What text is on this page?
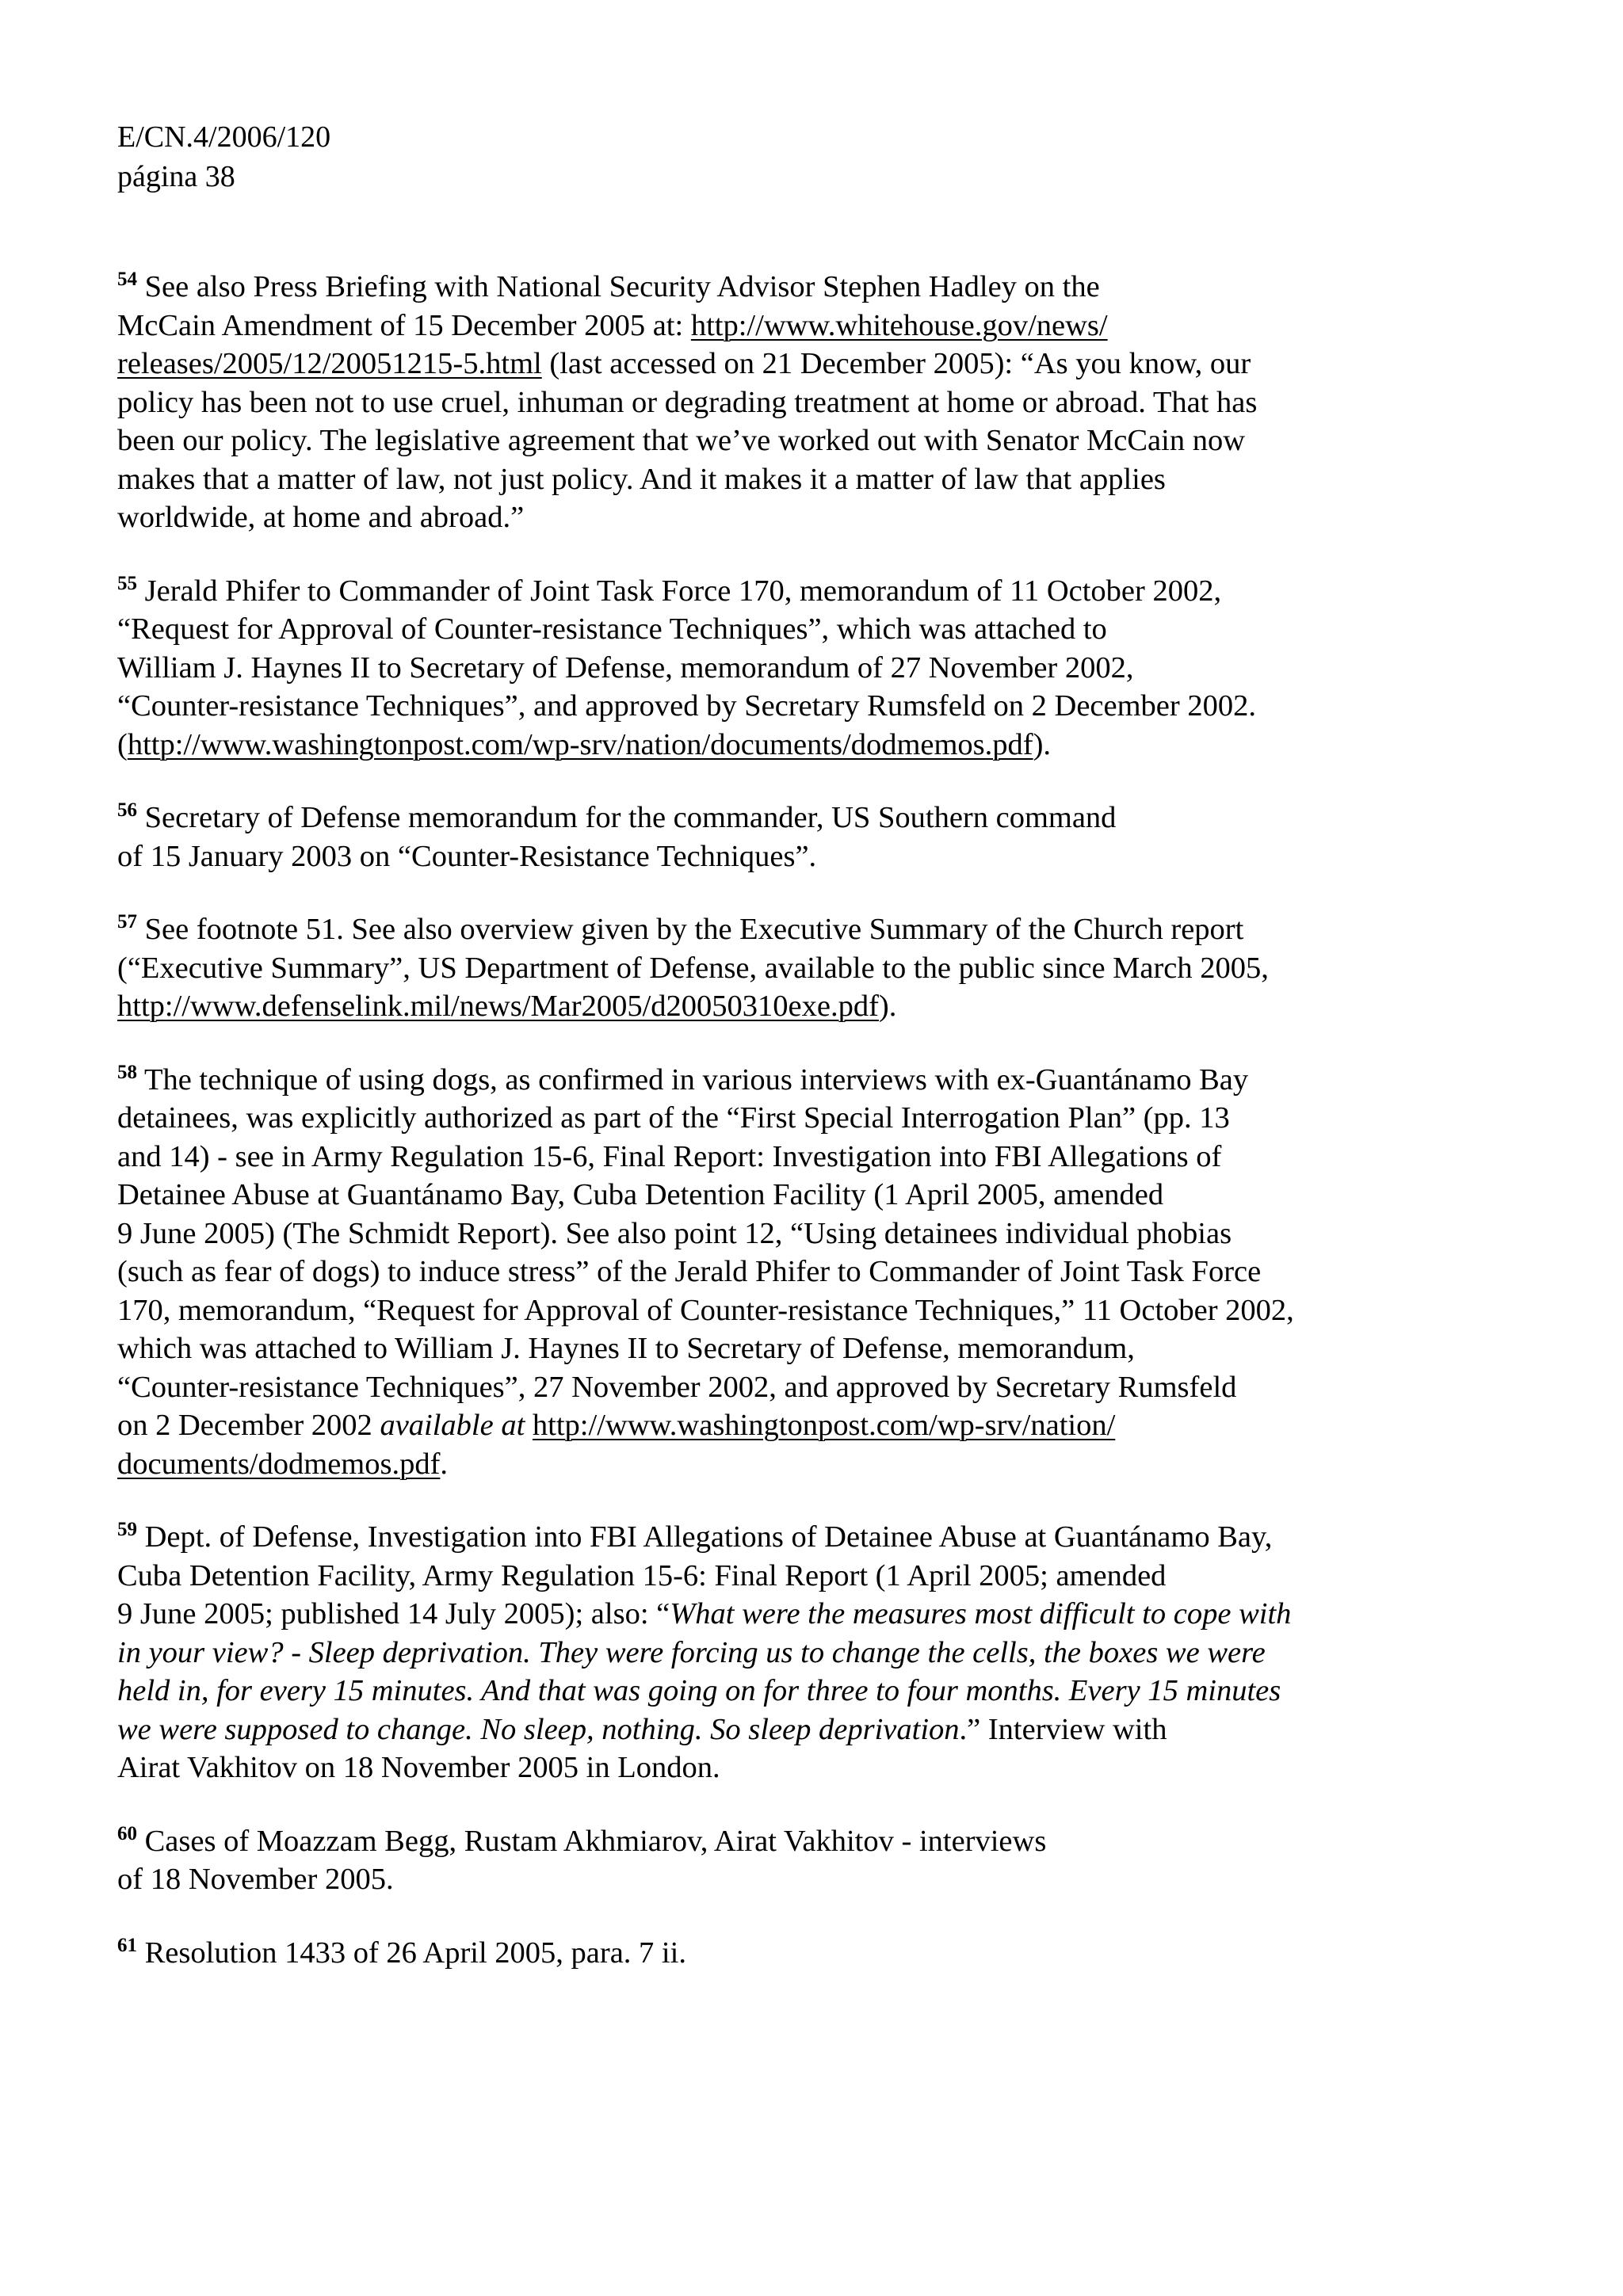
E/CN.4/2006/120
página 38
$^{54}$ See also Press Briefing with National Security Advisor Stephen Hadley on the
McCain Amendment of 15 December 2005 at: http://www.whitehouse.gov/news/
releases/2005/12/20051215-5.html (last accessed on 21 December 2005): “As you know, our
policy has been not to use cruel, inhuman or degrading treatment at home or abroad. That has
been our policy. The legislative agreement that we’ve worked out with Senator McCain now
makes that a matter of law, not just policy. And it makes it a matter of law that applies
worldwide, at home and abroad.”
$^{55}$ Jerald Phifer to Commander of Joint Task Force 170, memorandum of 11 October 2002,
“Request for Approval of Counter-resistance Techniques”, which was attached to
William J. Haynes II to Secretary of Defense, memorandum of 27 November 2002,
“Counter-resistance Techniques”, and approved by Secretary Rumsfeld on 2 December 2002.
(http://www.washingtonpost.com/wp-srv/nation/documents/dodmemos.pdf).
$^{56}$ Secretary of Defense memorandum for the commander, US Southern command
of 15 January 2003 on “Counter-Resistance Techniques”.
$^{57}$ See footnote 51. See also overview given by the Executive Summary of the Church report
(“Executive Summary”, US Department of Defense, available to the public since March 2005,
http://www.defenselink.mil/news/Mar2005/d20050310exe.pdf).
$^{58}$ The technique of using dogs, as confirmed in various interviews with ex-Guantánamo Bay
detainees, was explicitly authorized as part of the “First Special Interrogation Plan” (pp. 13
and 14) - see in Army Regulation 15-6, Final Report: Investigation into FBI Allegations of
Detainee Abuse at Guantánamo Bay, Cuba Detention Facility (1 April 2005, amended
9 June 2005) (The Schmidt Report). See also point 12, “Using detainees individual phobias
(such as fear of dogs) to induce stress” of the Jerald Phifer to Commander of Joint Task Force
170, memorandum, “Request for Approval of Counter-resistance Techniques,” 11 October 2002,
which was attached to William J. Haynes II to Secretary of Defense, memorandum,
“Counter-resistance Techniques”, 27 November 2002, and approved by Secretary Rumsfeld
on 2 December 2002 available at http://www.washingtonpost.com/wp-srv/nation/
documents/dodmemos.pdf.
$^{59}$ Dept. of Defense, Investigation into FBI Allegations of Detainee Abuse at Guantánamo Bay,
Cuba Detention Facility, Army Regulation 15-6: Final Report (1 April 2005; amended
9 June 2005; published 14 July 2005); also: “What were the measures most difficult to cope with
in your view? - Sleep deprivation. They were forcing us to change the cells, the boxes we were
held in, for every 15 minutes. And that was going on for three to four months. Every 15 minutes
we were supposed to change. No sleep, nothing. So sleep deprivation.” Interview with
Airat Vakhitov on 18 November 2005 in London.
$^{60}$ Cases of Moazzam Begg, Rustam Akhmiarov, Airat Vakhitov - interviews
of 18 November 2005.
$^{61}$ Resolution 1433 of 26 April 2005, para. 7 ii.
